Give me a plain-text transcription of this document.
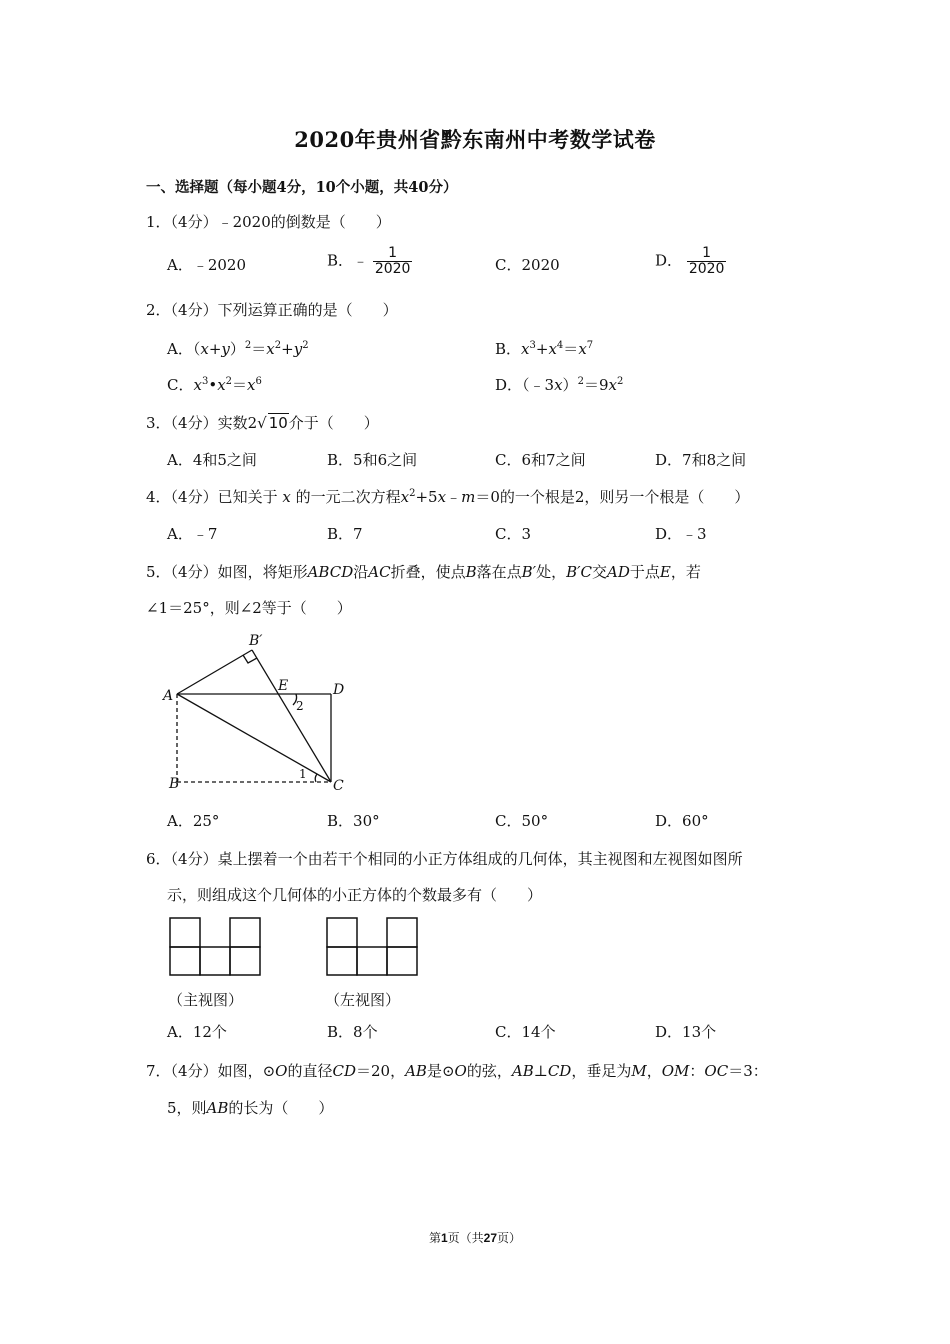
2020年贵州省黔东南州中考数学试卷
一、选择题（每小题4分，10个小题，共40分）
1．（4分）﹣2020的倒数是（　　）
A．﹣2020	B．﹣ $\frac{1}{2020}$	C．2020	D． $\frac{1}{2020}$
2．（4分）下列运算正确的是（　　）
A．$(x+y)^2=x^2+y^2$	B．$x^3+x^4=x^7$
C．$x^3•x^2=x^6$	D．$(﹣3x)^2=9x^2$
3．（4分）实数2√ 10介于（　　）
A．4和5之间	B．5和6之间	C．6和7之间	D．7和8之间
4．（4分）已知关于 x 的一元二次方程$x^2+5x﹣m=0$的一个根是2，则另一个根是（　　）
A．﹣7	B．7	C．3	D．﹣3
5．（4分）如图，将矩形ABCD沿AC折叠，使点B落在点B′处，B′C交AD于点E，若
∠1＝25°，则∠2等于（　　）
B′
A
E	D
B	C
2
1
A．25°	B．30°	C．50°	D．60°
6．（4分）桌上摆着一个由若干个相同的小正方体组成的几何体，其主视图和左视图如图所
示，则组成这个几何体的小正方体的个数最多有（　　）
（主视图）	（左视图）
A．12个	B．8个	C．14个	D．13个
7．（4分）如图，⊙O的直径CD＝20，AB是⊙O的弦，AB⊥CD，垂足为M，OM：OC＝3：
5，则AB的长为（　　）
第1页（共27页）
